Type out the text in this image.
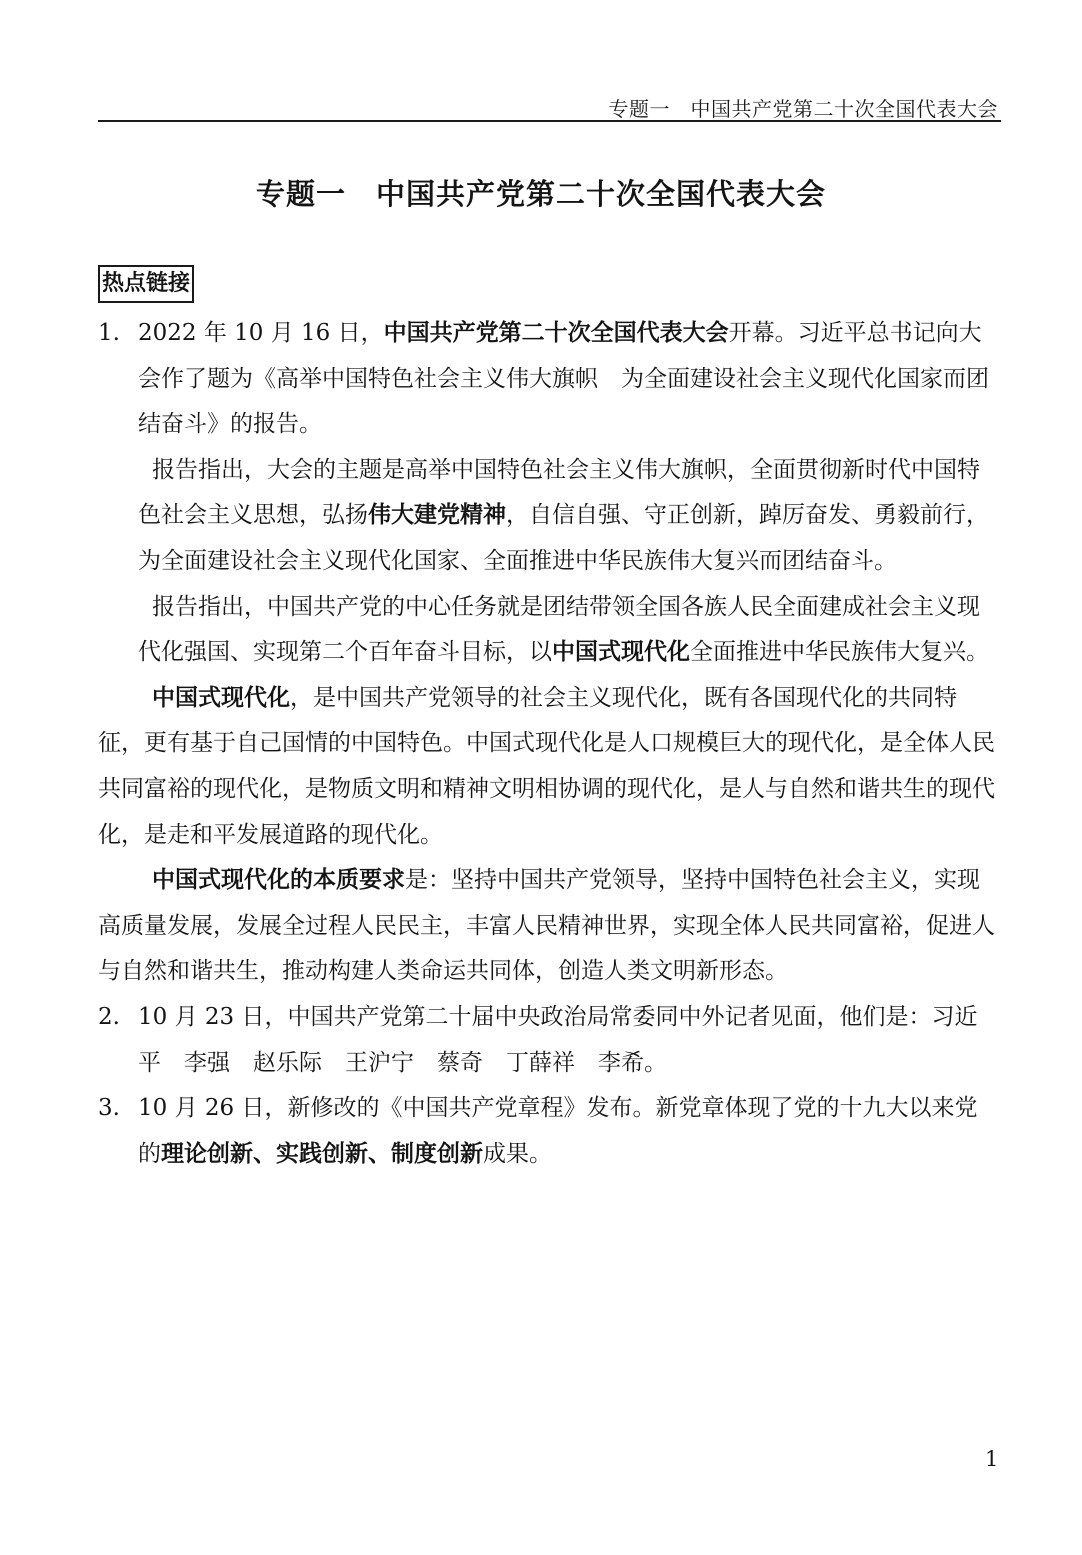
专题一　中国共产党第二十次全国代表大会
专题一　中国共产党第二十次全国代表大会
热点链接
1. 2022 年 10 月 16 日，中国共产党第二十次全国代表大会开幕。习近平总书记向大会作了题为《高举中国特色社会主义伟大旗帜　为全面建设社会主义现代化国家而团结奋斗》的报告。

报告指出，大会的主题是高举中国特色社会主义伟大旗帜，全面贯彻新时代中国特色社会主义思想，弘扬伟大建党精神，自信自强、守正创新，踔厉奋发、勇毅前行，为全面建设社会主义现代化国家、全面推进中华民族伟大复兴而团结奋斗。

报告指出，中国共产党的中心任务就是团结带领全国各族人民全面建成社会主义现代化强国、实现第二个百年奋斗目标，以中国式现代化全面推进中华民族伟大复兴。

中国式现代化，是中国共产党领导的社会主义现代化，既有各国现代化的共同特征，更有基于自己国情的中国特色。中国式现代化是人口规模巨大的现代化，是全体人民共同富裕的现代化，是物质文明和精神文明相协调的现代化，是人与自然和谐共生的现代化，是走和平发展道路的现代化。

中国式现代化的本质要求是：坚持中国共产党领导，坚持中国特色社会主义，实现高质量发展，发展全过程人民民主，丰富人民精神世界，实现全体人民共同富裕，促进人与自然和谐共生，推动构建人类命运共同体，创造人类文明新形态。

2. 10 月 23 日，中国共产党第二十届中央政治局常委同中外记者见面，他们是：习近平　李强　赵乐际　王沪宁　蔡奇　丁薛祥　李希。
3. 10 月 26 日，新修改的《中国共产党章程》发布。新党章体现了党的十九大以来党的理论创新、实践创新、制度创新成果。
1
